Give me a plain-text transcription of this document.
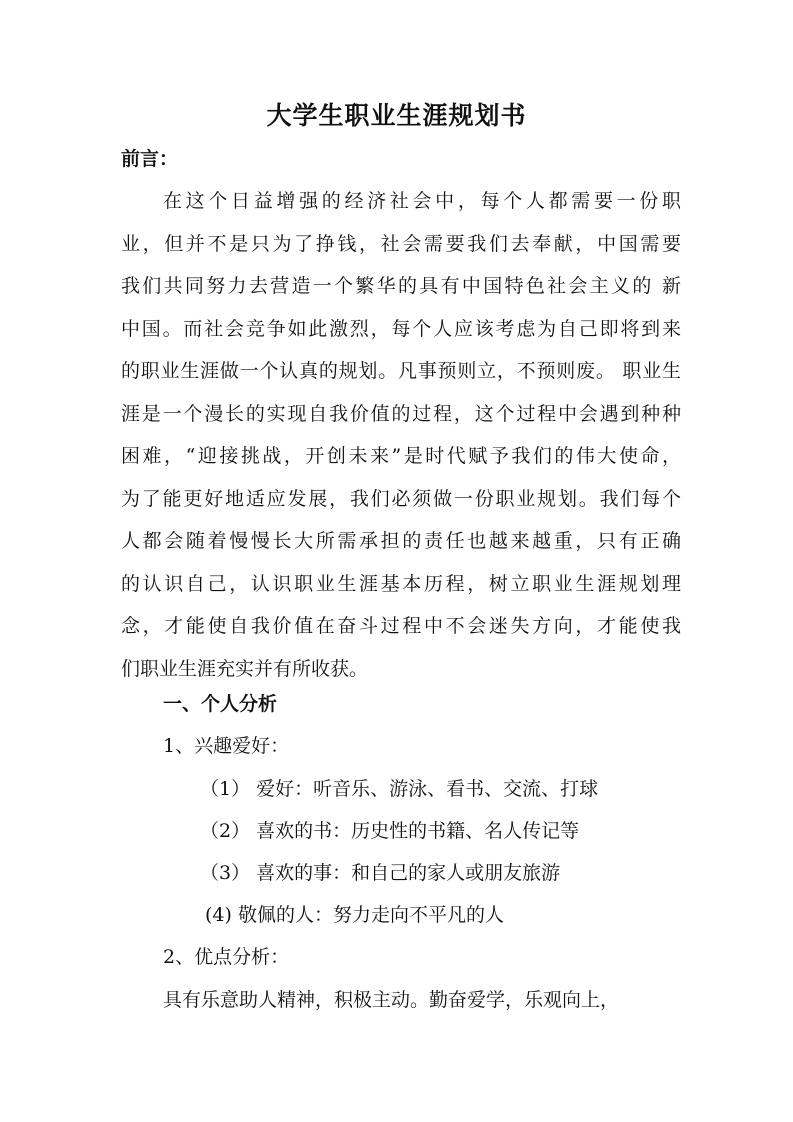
大学生职业生涯规划书

前言：

在这个日益增强的经济社会中，每个人都需要一份职
业，但并不是只为了挣钱，社会需要我们去奉献，中国需要
我们共同努力去营造一个繁华的具有中国特色社会主义的 新
中国。而社会竞争如此激烈，每个人应该考虑为自己即将到来
的职业生涯做一个认真的规划。凡事预则立，不预则废。 职业生
涯是一个漫长的实现自我价值的过程，这个过程中会遇到种种
困难，“迎接挑战，开创未来”是时代赋予我们的伟大使命，
为了能更好地适应发展，我们必须做一份职业规划。我们每个
人都会随着慢慢长大所需承担的责任也越来越重，只有正确
的认识自己，认识职业生涯基本历程，树立职业生涯规划理
念，才能使自我价值在奋斗过程中不会迷失方向，才能使我
们职业生涯充实并有所收获。
一、个人分析

1、兴趣爱好：

（1） 爱好：听音乐、游泳、看书、交流、打球

（2） 喜欢的书：历史性的书籍、名人传记等

（3） 喜欢的事：和自己的家人或朋友旅游

(4) 敬佩的人：努力走向不平凡的人

2、优点分析：

具有乐意助人精神，积极主动。勤奋爱学，乐观向上，
